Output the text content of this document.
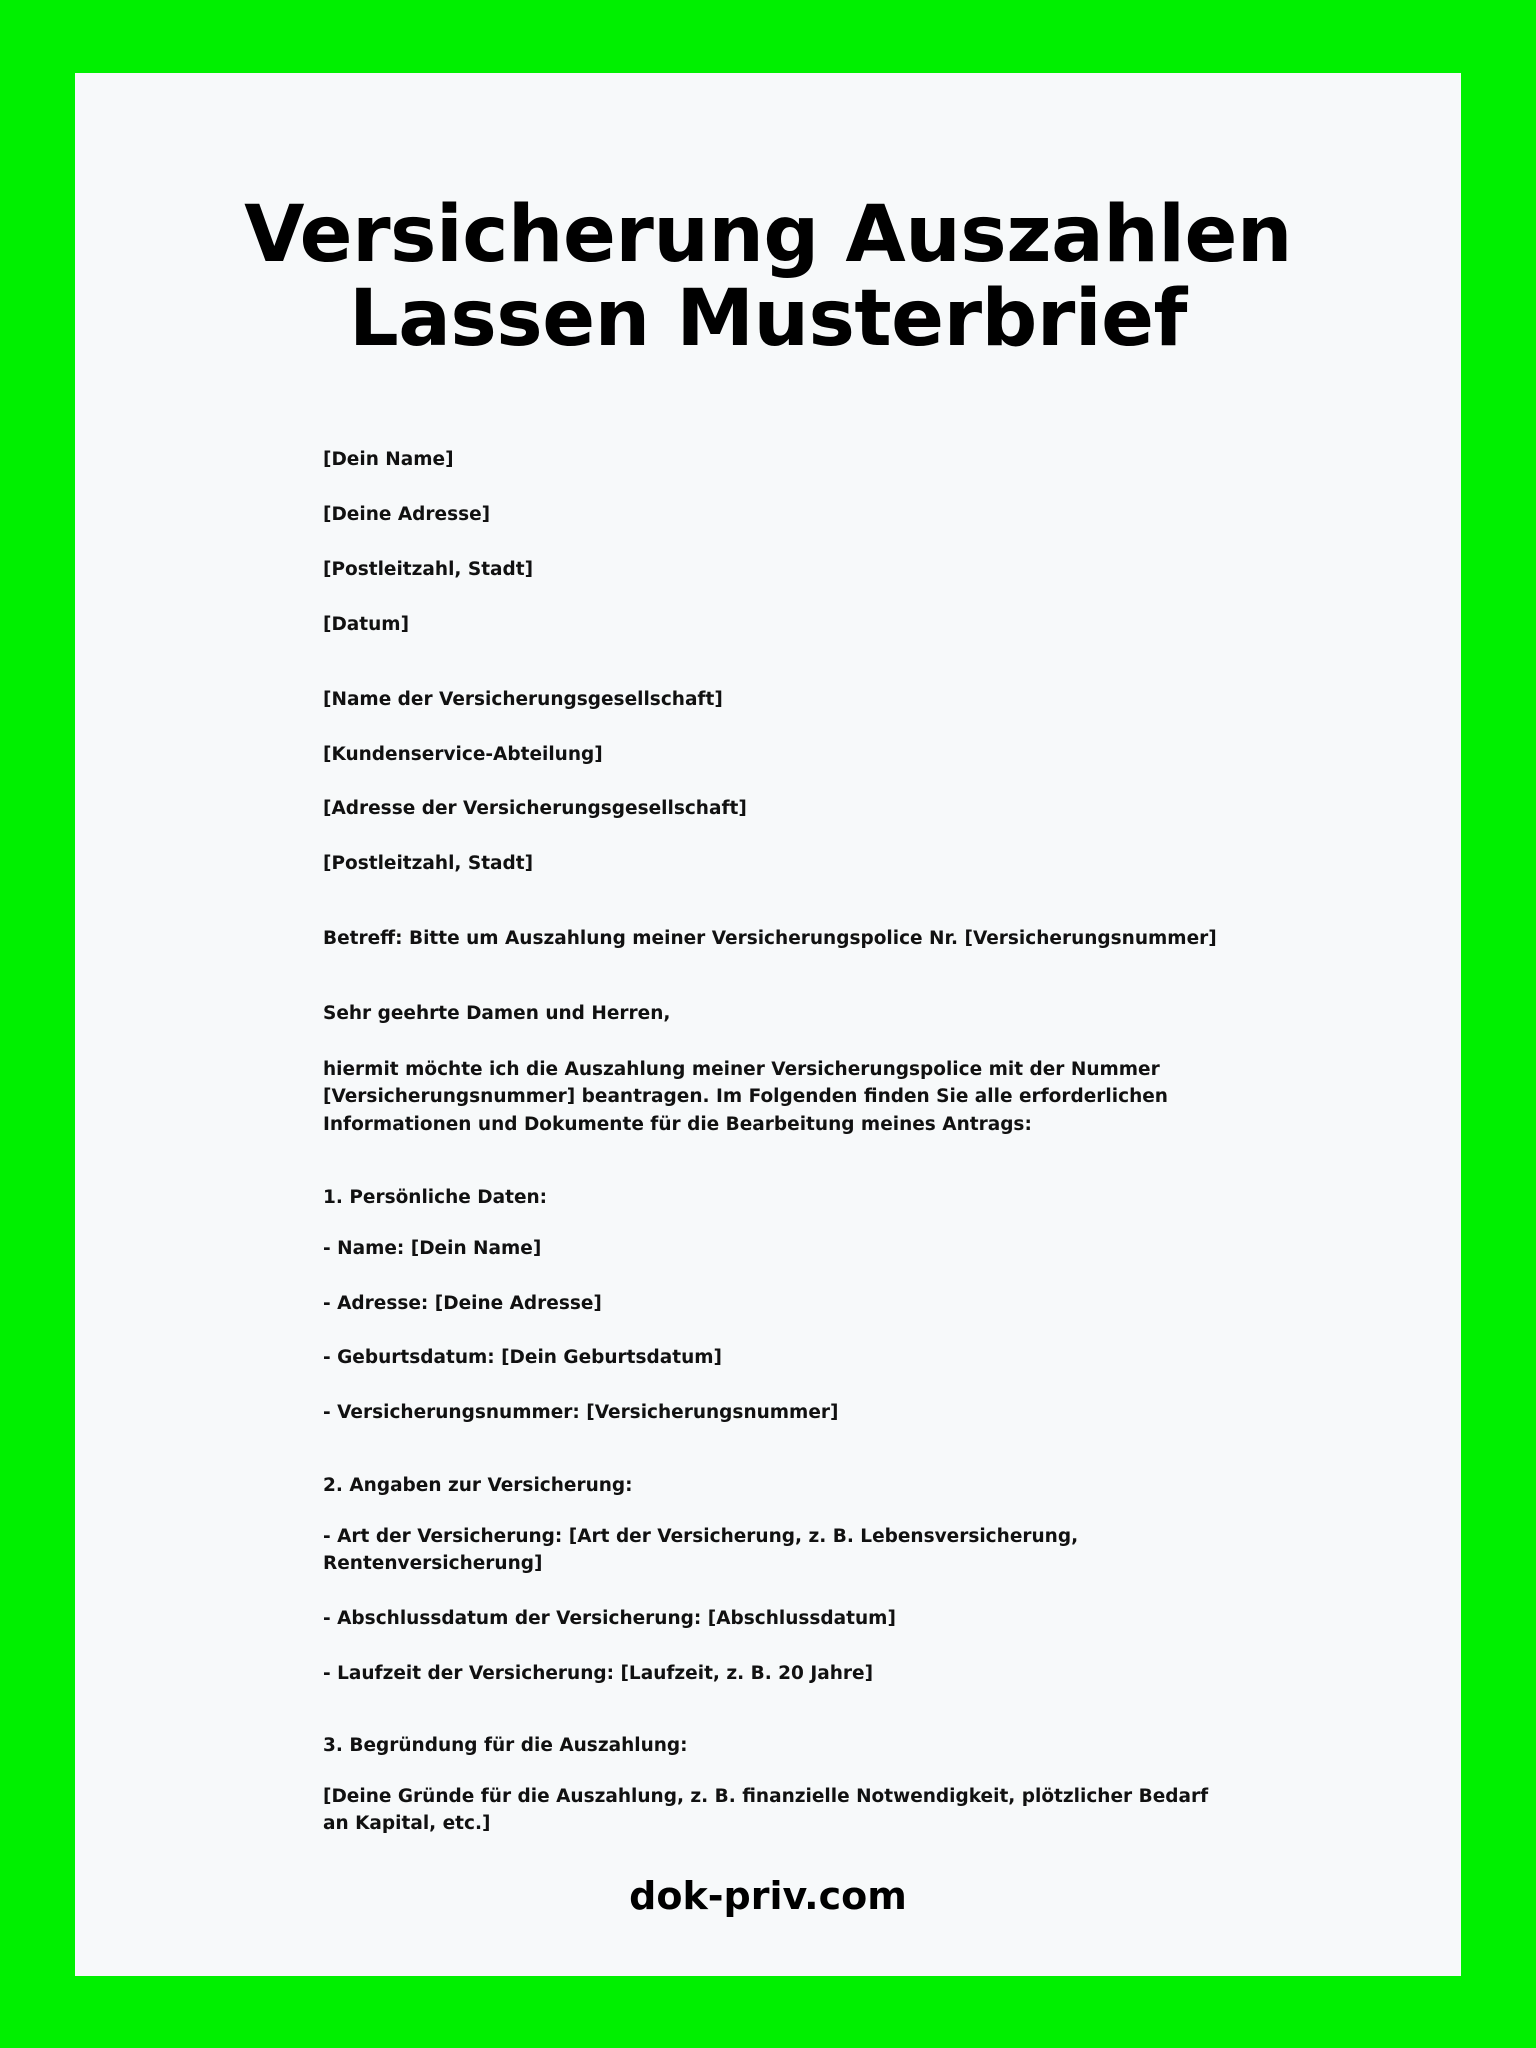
Versicherung Auszahlen Lassen Musterbrief

[Dein Name]

[Deine Adresse]

[Postleitzahl, Stadt]

[Datum]

[Name der Versicherungsgesellschaft]

[Kundenservice-Abteilung]

[Adresse der Versicherungsgesellschaft]

[Postleitzahl, Stadt]

Betreff: Bitte um Auszahlung meiner Versicherungspolice Nr. [Versicherungsnummer]

Sehr geehrte Damen und Herren,

hiermit möchte ich die Auszahlung meiner Versicherungspolice mit der Nummer [Versicherungsnummer] beantragen. Im Folgenden finden Sie alle erforderlichen Informationen und Dokumente für die Bearbeitung meines Antrags:

1. Persönliche Daten:

- Name: [Dein Name]

- Adresse: [Deine Adresse]

- Geburtsdatum: [Dein Geburtsdatum]

- Versicherungsnummer: [Versicherungsnummer]

2. Angaben zur Versicherung:

- Art der Versicherung: [Art der Versicherung, z. B. Lebensversicherung, Rentenversicherung]

- Abschlussdatum der Versicherung: [Abschlussdatum]

- Laufzeit der Versicherung: [Laufzeit, z. B. 20 Jahre]

3. Begründung für die Auszahlung:

[Deine Gründe für die Auszahlung, z. B. finanzielle Notwendigkeit, plötzlicher Bedarf an Kapital, etc.]

dok-priv.com
